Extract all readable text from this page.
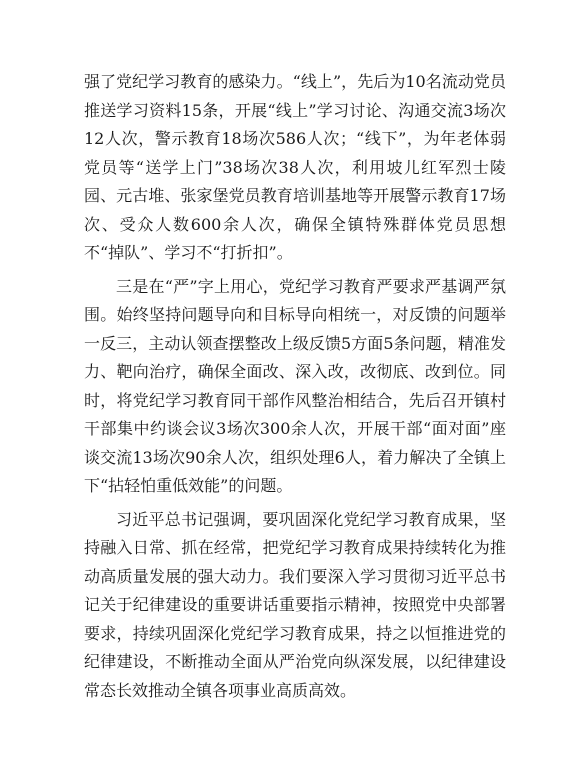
强了党纪学习教育的感染力。“线上”，先后为10名流动党员推送学习资料15条，开展“线上”学习讨论、沟通交流3场次12人次，警示教育18场次586人次；“线下”，为年老体弱党员等“送学上门”38场次38人次，利用坡儿红军烈士陵园、元古堆、张家堡党员教育培训基地等开展警示教育17场次、受众人数600余人次，确保全镇特殊群体党员思想不“掉队”、学习不“打折扣”。

三是在“严”字上用心，党纪学习教育严要求严基调严氛围。始终坚持问题导向和目标导向相统一，对反馈的问题举一反三，主动认领查摆整改上级反馈5方面5条问题，精准发力、靶向治疗，确保全面改、深入改，改彻底、改到位。同时，将党纪学习教育同干部作风整治相结合，先后召开镇村干部集中约谈会议3场次300余人次，开展干部“面对面”座谈交流13场次90余人次，组织处理6人，着力解决了全镇上下“拈轻怕重低效能”的问题。

习近平总书记强调，要巩固深化党纪学习教育成果，坚持融入日常、抓在经常，把党纪学习教育成果持续转化为推动高质量发展的强大动力。我们要深入学习贯彻习近平总书记关于纪律建设的重要讲话重要指示精神，按照党中央部署要求，持续巩固深化党纪学习教育成果，持之以恒推进党的纪律建设，不断推动全面从严治党向纵深发展，以纪律建设常态长效推动全镇各项事业高质高效。
